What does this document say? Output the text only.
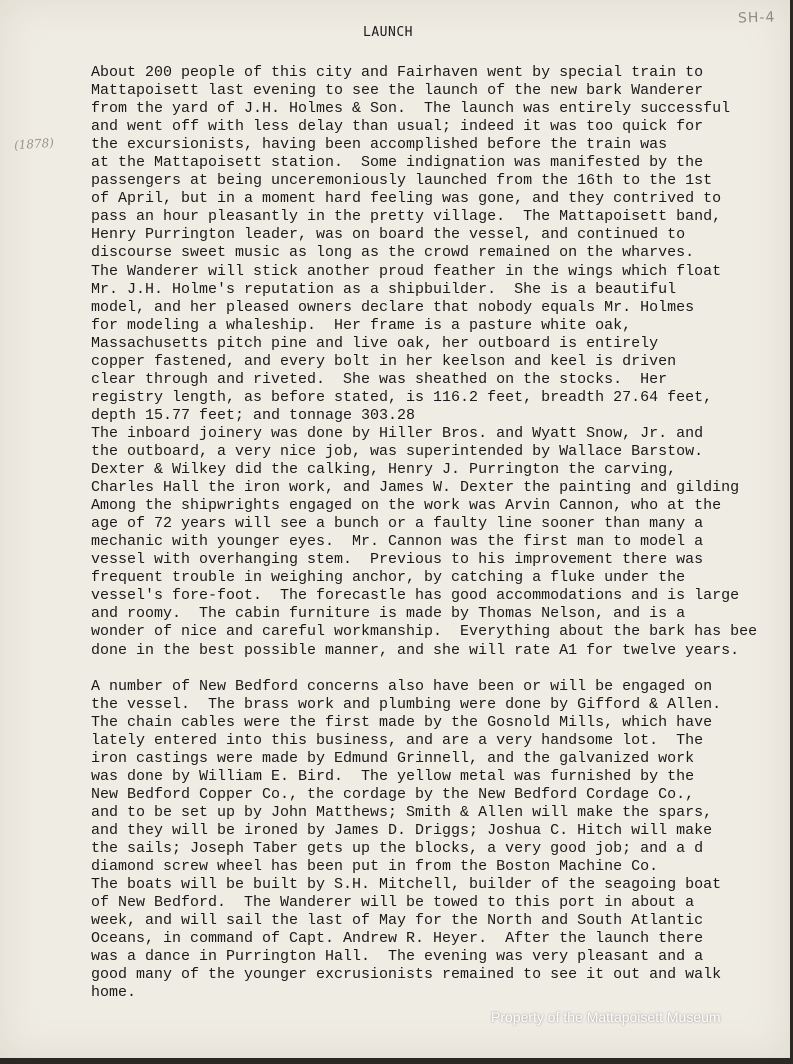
SH-4
(1878)
LAUNCH

About 200 people of this city and Fairhaven went by special train to

Mattapoisett last evening to see the launch of the new bark Wanderer

from the yard of J.H. Holmes & Son.  The launch was entirely successful

and went off with less delay than usual; indeed it was too quick for

the excursionists, having been accomplished before the train was

at the Mattapoisett station.  Some indignation was manifested by the

passengers at being unceremoniously launched from the 16th to the 1st

of April, but in a moment hard feeling was gone, and they contrived to

pass an hour pleasantly in the pretty village.  The Mattapoisett band,

Henry Purrington leader, was on board the vessel, and continued to

discourse sweet music as long as the crowd remained on the wharves.

The Wanderer will stick another proud feather in the wings which float

Mr. J.H. Holme's reputation as a shipbuilder.  She is a beautiful

model, and her pleased owners declare that nobody equals Mr. Holmes

for modeling a whaleship.  Her frame is a pasture white oak,

Massachusetts pitch pine and live oak, her outboard is entirely

copper fastened, and every bolt in her keelson and keel is driven

clear through and riveted.  She was sheathed on the stocks.  Her

registry length, as before stated, is 116.2 feet, breadth 27.64 feet,

depth 15.77 feet; and tonnage 303.28

The inboard joinery was done by Hiller Bros. and Wyatt Snow, Jr. and

the outboard, a very nice job, was superintended by Wallace Barstow.

Dexter & Wilkey did the calking, Henry J. Purrington the carving,

Charles Hall the iron work, and James W. Dexter the painting and gilding

Among the shipwrights engaged on the work was Arvin Cannon, who at the

age of 72 years will see a bunch or a faulty line sooner than many a

mechanic with younger eyes.  Mr. Cannon was the first man to model a

vessel with overhanging stem.  Previous to his improvement there was

frequent trouble in weighing anchor, by catching a fluke under the

vessel's fore-foot.  The forecastle has good accommodations and is large

and roomy.  The cabin furniture is made by Thomas Nelson, and is a

wonder of nice and careful workmanship.  Everything about the bark has bee

done in the best possible manner, and she will rate A1 for twelve years.

A number of New Bedford concerns also have been or will be engaged on

the vessel.  The brass work and plumbing were done by Gifford & Allen.

The chain cables were the first made by the Gosnold Mills, which have

lately entered into this business, and are a very handsome lot.  The

iron castings were made by Edmund Grinnell, and the galvanized work

was done by William E. Bird.  The yellow metal was furnished by the

New Bedford Copper Co., the cordage by the New Bedford Cordage Co.,

and to be set up by John Matthews; Smith & Allen will make the spars,

and they will be ironed by James D. Driggs; Joshua C. Hitch will make

the sails; Joseph Taber gets up the blocks, a very good job; and a d

diamond screw wheel has been put in from the Boston Machine Co.

The boats will be built by S.H. Mitchell, builder of the seagoing boat

of New Bedford.  The Wanderer will be towed to this port in about a

week, and will sail the last of May for the North and South Atlantic

Oceans, in command of Capt. Andrew R. Heyer.  After the launch there

was a dance in Purrington Hall.  The evening was very pleasant and a

good many of the younger excrusionists remained to see it out and walk

home.

Property of the Mattapoisett Museum
